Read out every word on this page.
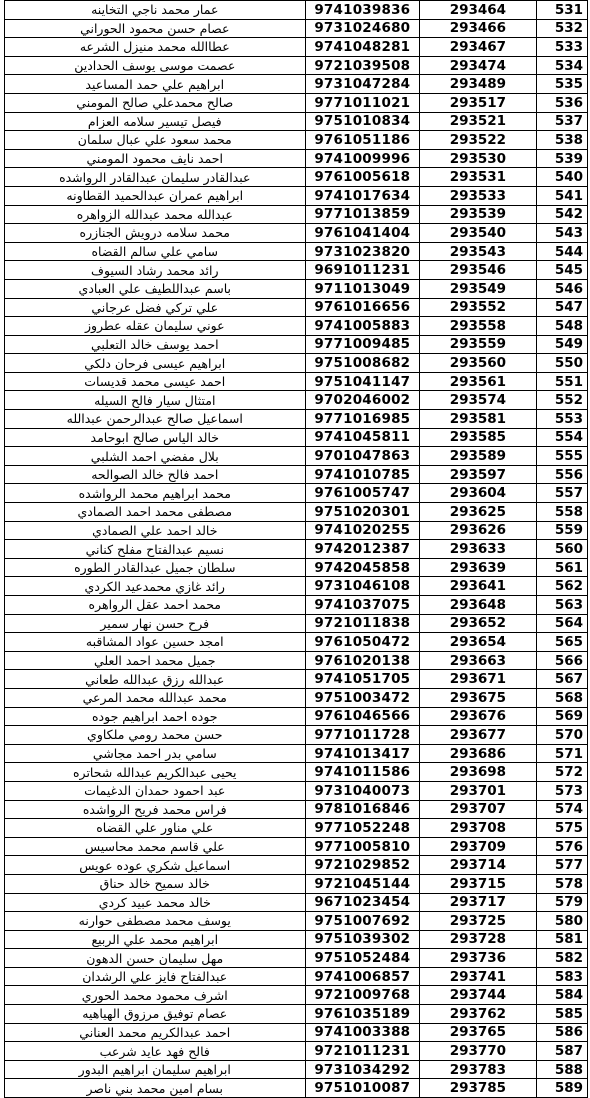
عمار محمد ناجي التخاينه	9741039836	293464	531
عصام حسن محمود الحوراني	9731024680	293466	532
عطاالله محمد منيزل الشرعه	9741048281	293467	533
عصمت موسى يوسف الحدادين	9721039508	293474	534
ابراهيم علي حمد المساعيد	9731047284	293489	535
صالح محمدعلي صالح المومني	9771011021	293517	536
فيصل تيسير سلامه العزام	9751010834	293521	537
محمد سعود علي عبال سلمان	9761051186	293522	538
احمد نايف محمود المومني	9741009996	293530	539
عبدالقادر سليمان عبدالقادر الرواشده	9761005618	293531	540
ابراهيم عمران عبدالحميد القطاونه	9741017634	293533	541
عبدالله محمد عبدالله الزواهره	9771013859	293539	542
محمد سلامه درويش الجنازره	9761041404	293540	543
سامي علي سالم القضاه	9731023820	293543	544
رائد محمد رشاد السيوف	9691011231	293546	545
باسم عبداللطيف علي العبادي	9711013049	293549	546
علي تركي فضل عرجاني	9761016656	293552	547
عوني سليمان عقله عطروز	9741005883	293558	548
احمد يوسف خالد التعلبي	9771009485	293559	549
ابراهيم عيسى فرحان دلكي	9751008682	293560	550
احمد عيسى محمد قديسات	9751041147	293561	551
امتثال سيار فالح السيله	9702046002	293574	552
اسماعيل صالح عبدالرحمن عبدالله	9771016985	293581	553
خالد الياس صالح ابوحامد	9741045811	293585	554
بلال مفضي احمد الشلبي	9701047863	293589	555
احمد فالح خالد الصوالحه	9741010785	293597	556
محمد ابراهيم محمد الرواشده	9761005747	293604	557
مصطفى محمد احمد الصمادي	9751020301	293625	558
خالد احمد علي الصمادي	9741020255	293626	559
نسيم عبدالفتاح مفلح كناني	9742012387	293633	560
سلطان جميل عبدالقادر الطوره	9742045858	293639	561
رائد غازي محمدعيد الكردي	9731046108	293641	562
محمد احمد عقل الرواهره	9741037075	293648	563
فرح حسن نهار سمير	9721011838	293652	564
امجد حسين عواد المشاقبه	9761050472	293654	565
جميل محمد احمد العلي	9761020138	293663	566
عبدالله رزق عبدالله طعاني	9741051705	293671	567
محمد عبدالله محمد المرعي	9751003472	293675	568
جوده احمد ابراهيم جوده	9761046566	293676	569
حسن محمد رومي ملكاوي	9771011728	293677	570
سامي بدر احمد مجاشي	9741013417	293686	571
يحيى عبدالكريم عبدالله شحاتره	9741011586	293698	572
عبد احمود حمدان الدغيمات	9731040073	293701	573
فراس محمد فريح الرواشده	9781016846	293707	574
علي مناور علي القضاه	9771052248	293708	575
علي قاسم محمد محاسيس	9771005810	293709	576
اسماعيل شكري عوده عويس	9721029852	293714	577
خالد سميح خالد حناق	9721045144	293715	578
خالد محمد عبيد كردي	9671023454	293717	579
يوسف محمد مصطفى حوارنه	9751007692	293725	580
ابراهيم محمد علي الربيع	9751039302	293728	581
مهل سليمان حسن الدهون	9751052484	293736	582
عبدالفتاح فايز علي الرشدان	9741006857	293741	583
اشرف محمود محمد الحوري	9721009768	293744	584
عصام توفيق مرزوق الهياهيه	9761035189	293762	585
احمد عبدالكريم محمد العناني	9741003388	293765	586
فالح فهد عايد شرعب	9721011231	293770	587
ابراهيم سليمان ابراهيم البدور	9731034292	293783	588
بسام امين محمد بني ناصر	9751010087	293785	589
